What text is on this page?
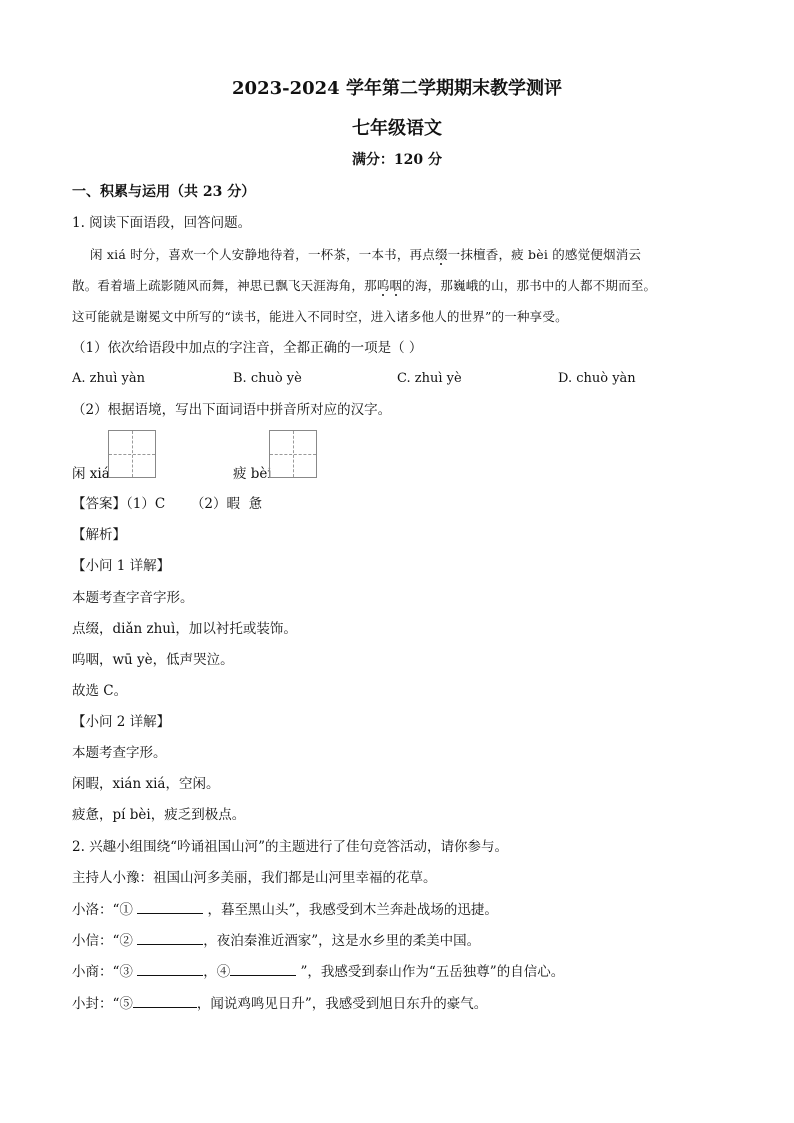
2023-2024 学年第二学期期末教学测评
七年级语文
满分：120 分
一、积累与运用（共 23 分）
1. 阅读下面语段，回答问题。
闲 xiá 时分，喜欢一个人安静地待着，一杯茶，一本书，再点缀一抹檀香，疲 bèi 的感觉便烟消云
散。看着墙上疏影随风而舞，神思已飘飞天涯海角，那呜咽的海，那巍峨的山，那书中的人都不期而至。
这可能就是谢冕文中所写的“读书，能进入不同时空，进入诸多他人的世界”的一种享受。
（1）依次给语段中加点的字注音，全都正确的一项是（ ）
A. zhuì yàn	B. chuò yè	C. zhuì yè	D. chuò yàn
（2）根据语境，写出下面词语中拼音所对应的汉字。
闲 xiá	疲 bèi
【答案】（1）C      （2）暇  惫
【解析】
【小问 1 详解】
本题考查字音字形。
点缀，diǎn zhuì，加以衬托或装饰。
呜咽，wū yè，低声哭泣。
故选 C。
【小问 2 详解】
本题考查字形。
闲暇，xián xiá，空闲。
疲惫，pí bèi，疲乏到极点。
2. 兴趣小组围绕“吟诵祖国山河”的主题进行了佳句竞答活动，请你参与。
主持人小豫：祖国山河多美丽，我们都是山河里幸福的花草。
小洛：“①	，暮至黑山头”，我感受到木兰奔赴战场的迅捷。
小信：“②	，夜泊秦淮近酒家”，这是水乡里的柔美中国。
小商：“③	，④	”，我感受到泰山作为“五岳独尊”的自信心。
小封：“⑤	，闻说鸡鸣见日升”，我感受到旭日东升的豪气。
